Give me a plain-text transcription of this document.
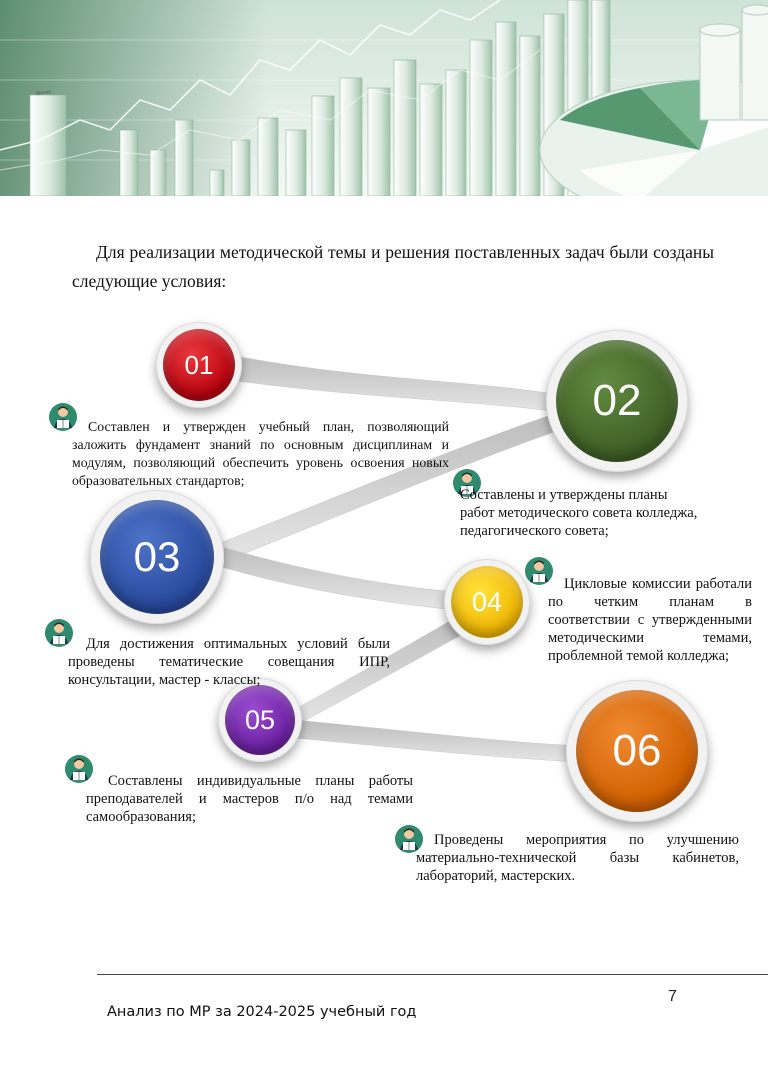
Money

Для реализации методической темы и решения поставленных задач были созданы следующие условия:

01
02
03
04
05
06

Составлен и утвержден учебный план, позволяющий заложить фундамент знаний по основным дисциплинам и модулям, позволяющий обеспечить уровень освоения новых образовательных стандартов;

Составлены и утверждены планы работ методического совета колледжа, педагогического совета;

Для достижения оптимальных условий были проведены тематические совещания ИПР, консультации, мастер - классы;

Цикловые комиссии работали по четким планам в соответствии с утвержденными методическими темами, проблемной темой колледжа;

Составлены индивидуальные планы работы преподавателей и мастеров п/о над темами самообразования;

Проведены мероприятия по улучшению материально-технической базы кабинетов, лабораторий, мастерских.

7
Анализ по МР за 2024-2025 учебный год
